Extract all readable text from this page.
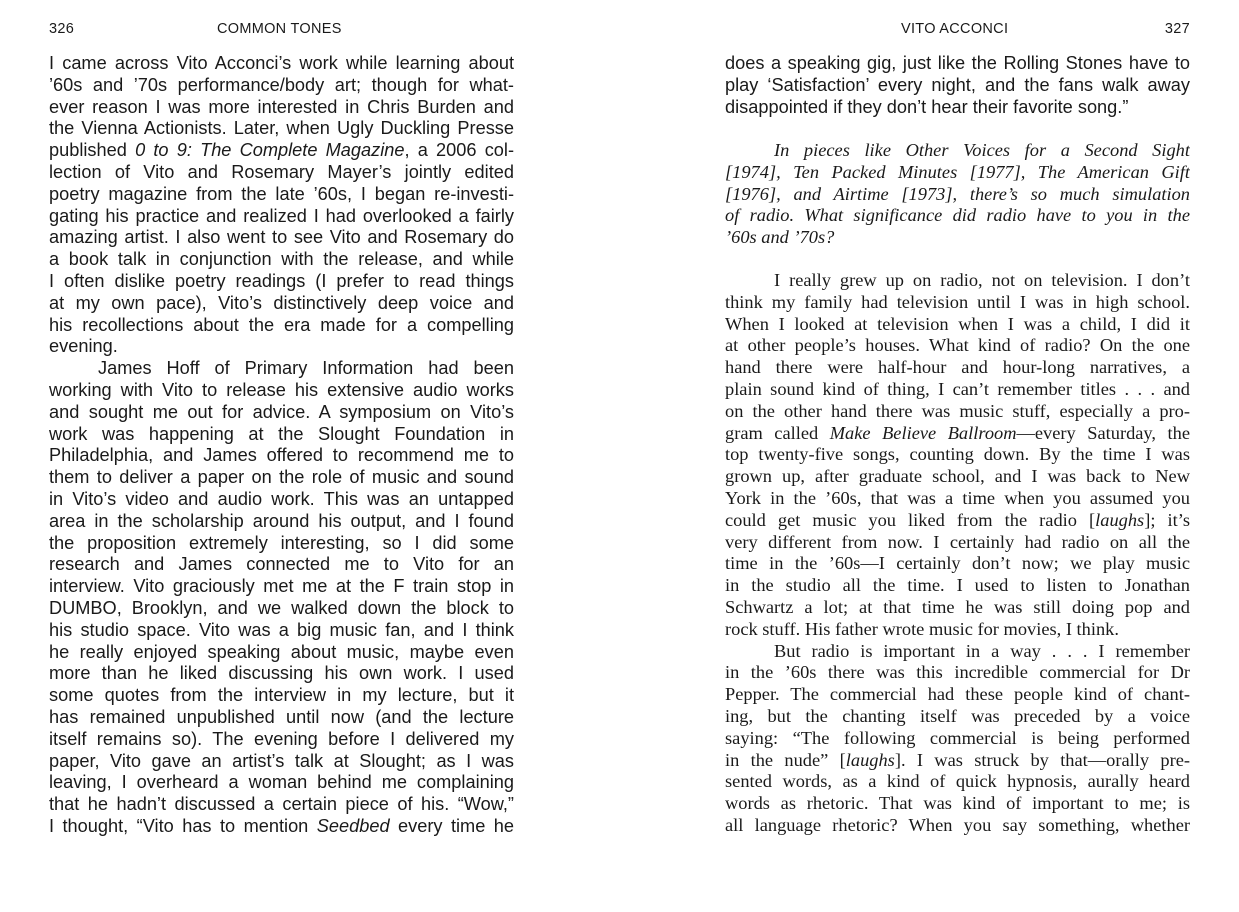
326	COMMON TONES
I came across Vito Acconci’s work while learning about
’60s and ’70s performance/body art; though for what-
ever reason I was more interested in Chris Burden and
the Vienna Actionists. Later, when Ugly Duckling Presse
published 0 to 9: The Complete Magazine, a 2006 col-
lection of Vito and Rosemary Mayer’s jointly edited
poetry magazine from the late ’60s, I began re-investi-
gating his practice and realized I had overlooked a fairly
amazing artist. I also went to see Vito and Rosemary do
a book talk in conjunction with the release, and while
I often dislike poetry readings (I prefer to read things
at my own pace), Vito’s distinctively deep voice and
his recollections about the era made for a compelling
evening.
James Hoff of Primary Information had been
working with Vito to release his extensive audio works
and sought me out for advice. A symposium on Vito’s
work was happening at the Slought Foundation in
Philadelphia, and James offered to recommend me to
them to deliver a paper on the role of music and sound
in Vito’s video and audio work. This was an untapped
area in the scholarship around his output, and I found
the proposition extremely interesting, so I did some
research and James connected me to Vito for an
interview. Vito graciously met me at the F train stop in
DUMBO, Brooklyn, and we walked down the block to
his studio space. Vito was a big music fan, and I think
he really enjoyed speaking about music, maybe even
more than he liked discussing his own work. I used
some quotes from the interview in my lecture, but it
has remained unpublished until now (and the lecture
itself remains so). The evening before I delivered my
paper, Vito gave an artist’s talk at Slought; as I was
leaving, I overheard a woman behind me complaining
that he hadn’t discussed a certain piece of his. “Wow,”
I thought, “Vito has to mention Seedbed every time he
VITO ACCONCI	327
does a speaking gig, just like the Rolling Stones have to
play ‘Satisfaction’ every night, and the fans walk away
disappointed if they don’t hear their favorite song.”
In pieces like Other Voices for a Second Sight
[1974], Ten Packed Minutes [1977], The American Gift
[1976], and Airtime [1973], there’s so much simulation
of radio. What significance did radio have to you in the
’60s and ’70s?
I really grew up on radio, not on television. I don’t
think my family had television until I was in high school.
When I looked at television when I was a child, I did it
at other people’s houses. What kind of radio? On the one
hand there were half-hour and hour-long narratives, a
plain sound kind of thing, I can’t remember titles . . . and
on the other hand there was music stuff, especially a pro-
gram called Make Believe Ballroom—every Saturday, the
top twenty-five songs, counting down. By the time I was
grown up, after graduate school, and I was back to New
York in the ’60s, that was a time when you assumed you
could get music you liked from the radio [laughs]; it’s
very different from now. I certainly had radio on all the
time in the ’60s—I certainly don’t now; we play music
in the studio all the time. I used to listen to Jonathan
Schwartz a lot; at that time he was still doing pop and
rock stuff. His father wrote music for movies, I think.
But radio is important in a way . . . I remember
in the ’60s there was this incredible commercial for Dr
Pepper. The commercial had these people kind of chant-
ing, but the chanting itself was preceded by a voice
saying: “The following commercial is being performed
in the nude” [laughs]. I was struck by that—orally pre-
sented words, as a kind of quick hypnosis, aurally heard
words as rhetoric. That was kind of important to me; is
all language rhetoric? When you say something, whether
